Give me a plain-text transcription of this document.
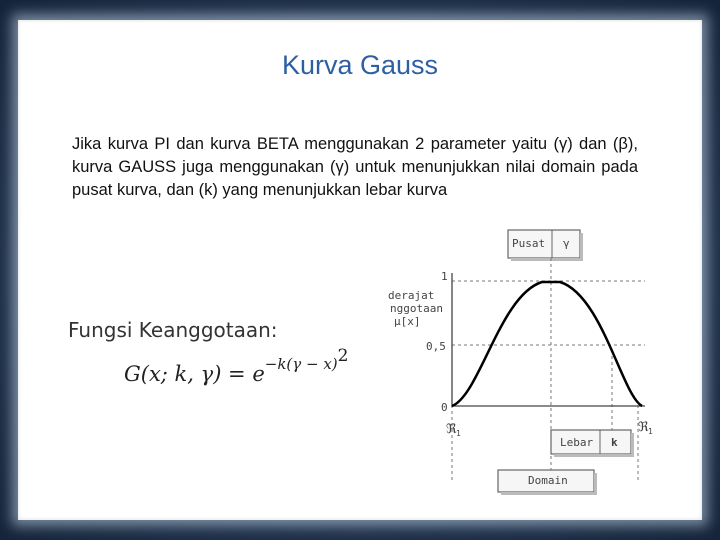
Kurva Gauss
Jika kurva PI dan kurva BETA menggunakan 2 parameter yaitu (γ) dan (β), kurva GAUSS juga menggunakan (γ) untuk menunjukkan nilai domain pada pusat kurva, dan (k) yang menunjukkan lebar kurva
Fungsi Keanggotaan:
G(x; k, $\gamma) = e^{-k(\gamma - x)2}$
Pusat γ
derajat
nggotaan
μ[x]
1
0,5
0
ℜ 1	ℜ 1
Lebar k
Domain
